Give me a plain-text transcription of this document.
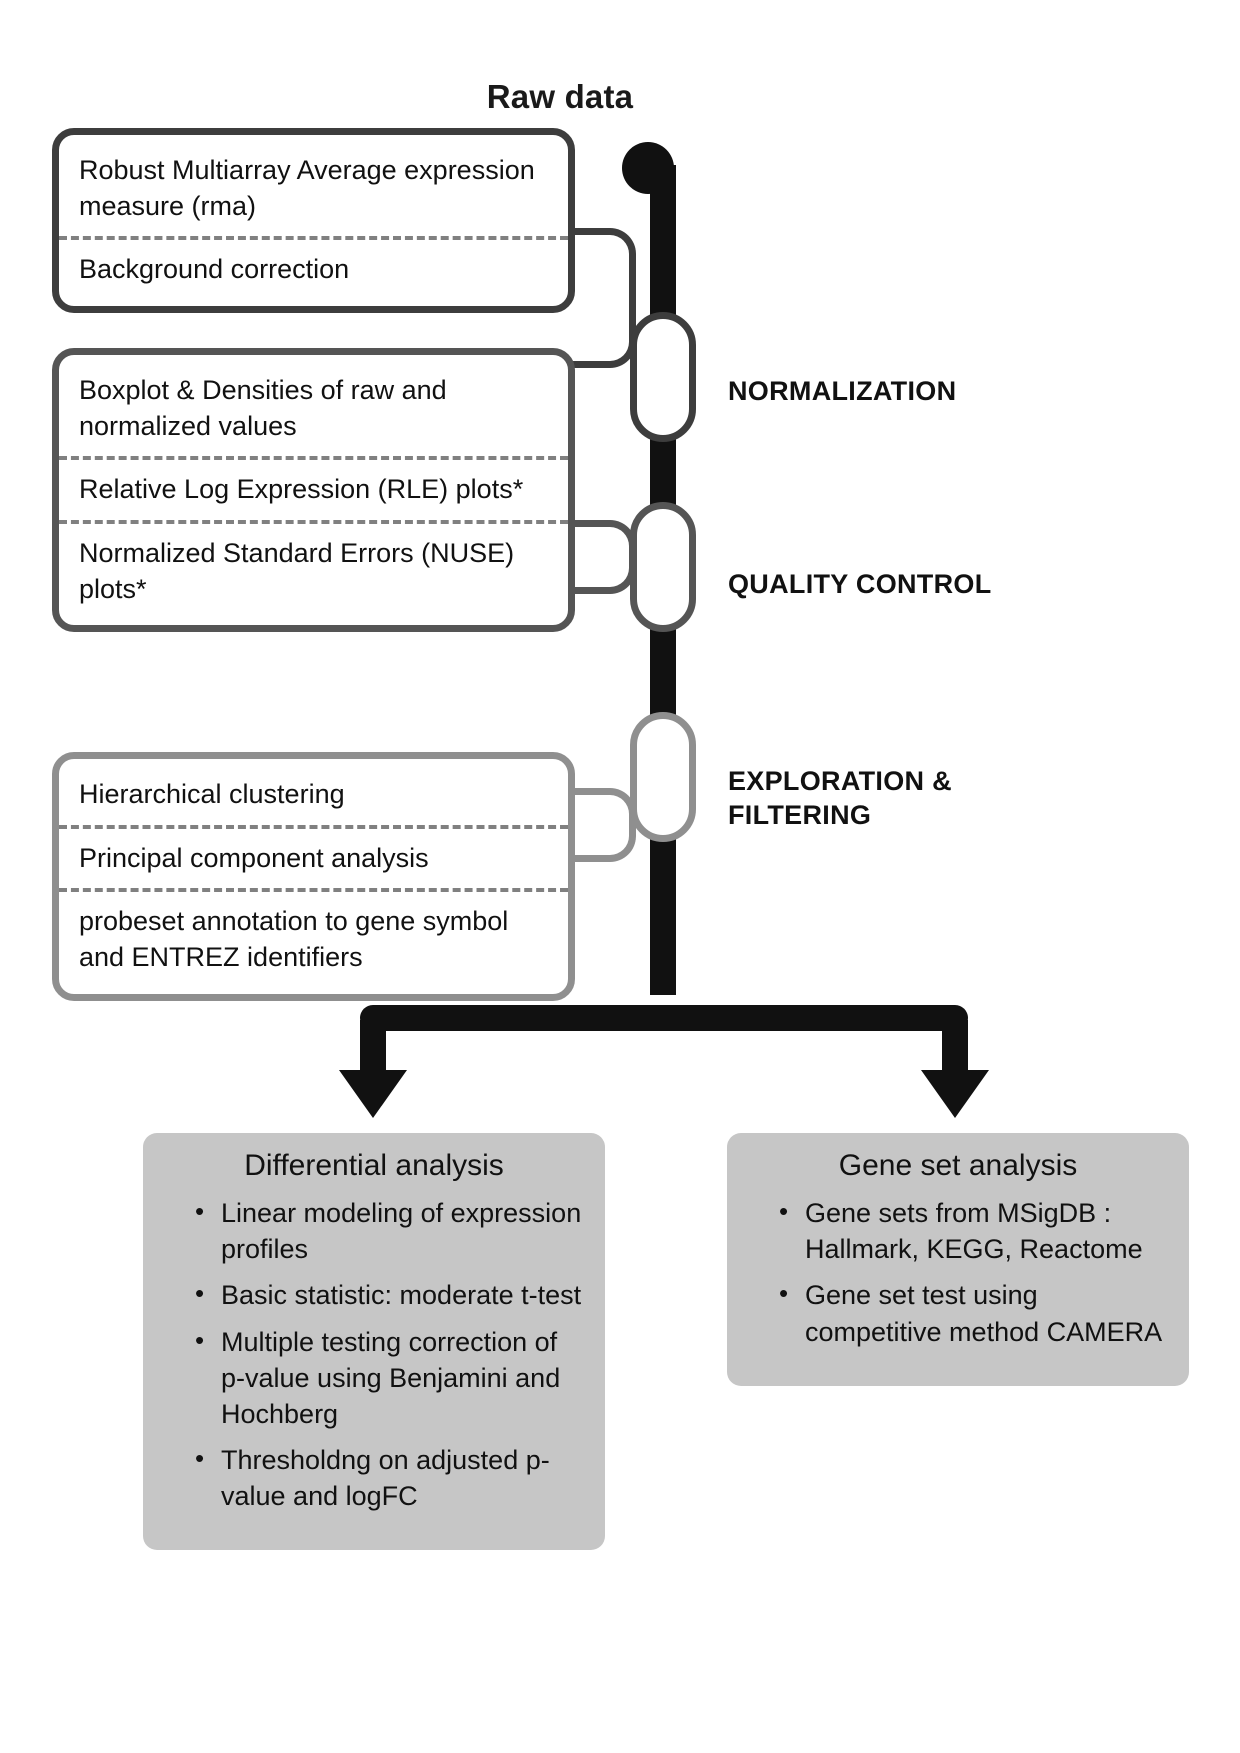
Raw data
NORMALIZATION
QUALITY CONTROL
EXPLORATION & FILTERING
Robust Multiarray Average expression measure (rma)
Background correction
Boxplot & Densities of raw and normalized values
Relative Log Expression (RLE) plots*
Normalized Standard Errors (NUSE) plots*
Hierarchical clustering
Principal component analysis
probeset annotation to gene symbol and ENTREZ identifiers
Differential analysis
• Linear modeling of expression profiles
• Basic statistic: moderate t-test
• Multiple testing correction of p-value using Benjamini and Hochberg
• Thresholdng on adjusted p-value and logFC
Gene set analysis
• Gene sets from MSigDB : Hallmark, KEGG, Reactome
• Gene set test using competitive method CAMERA
